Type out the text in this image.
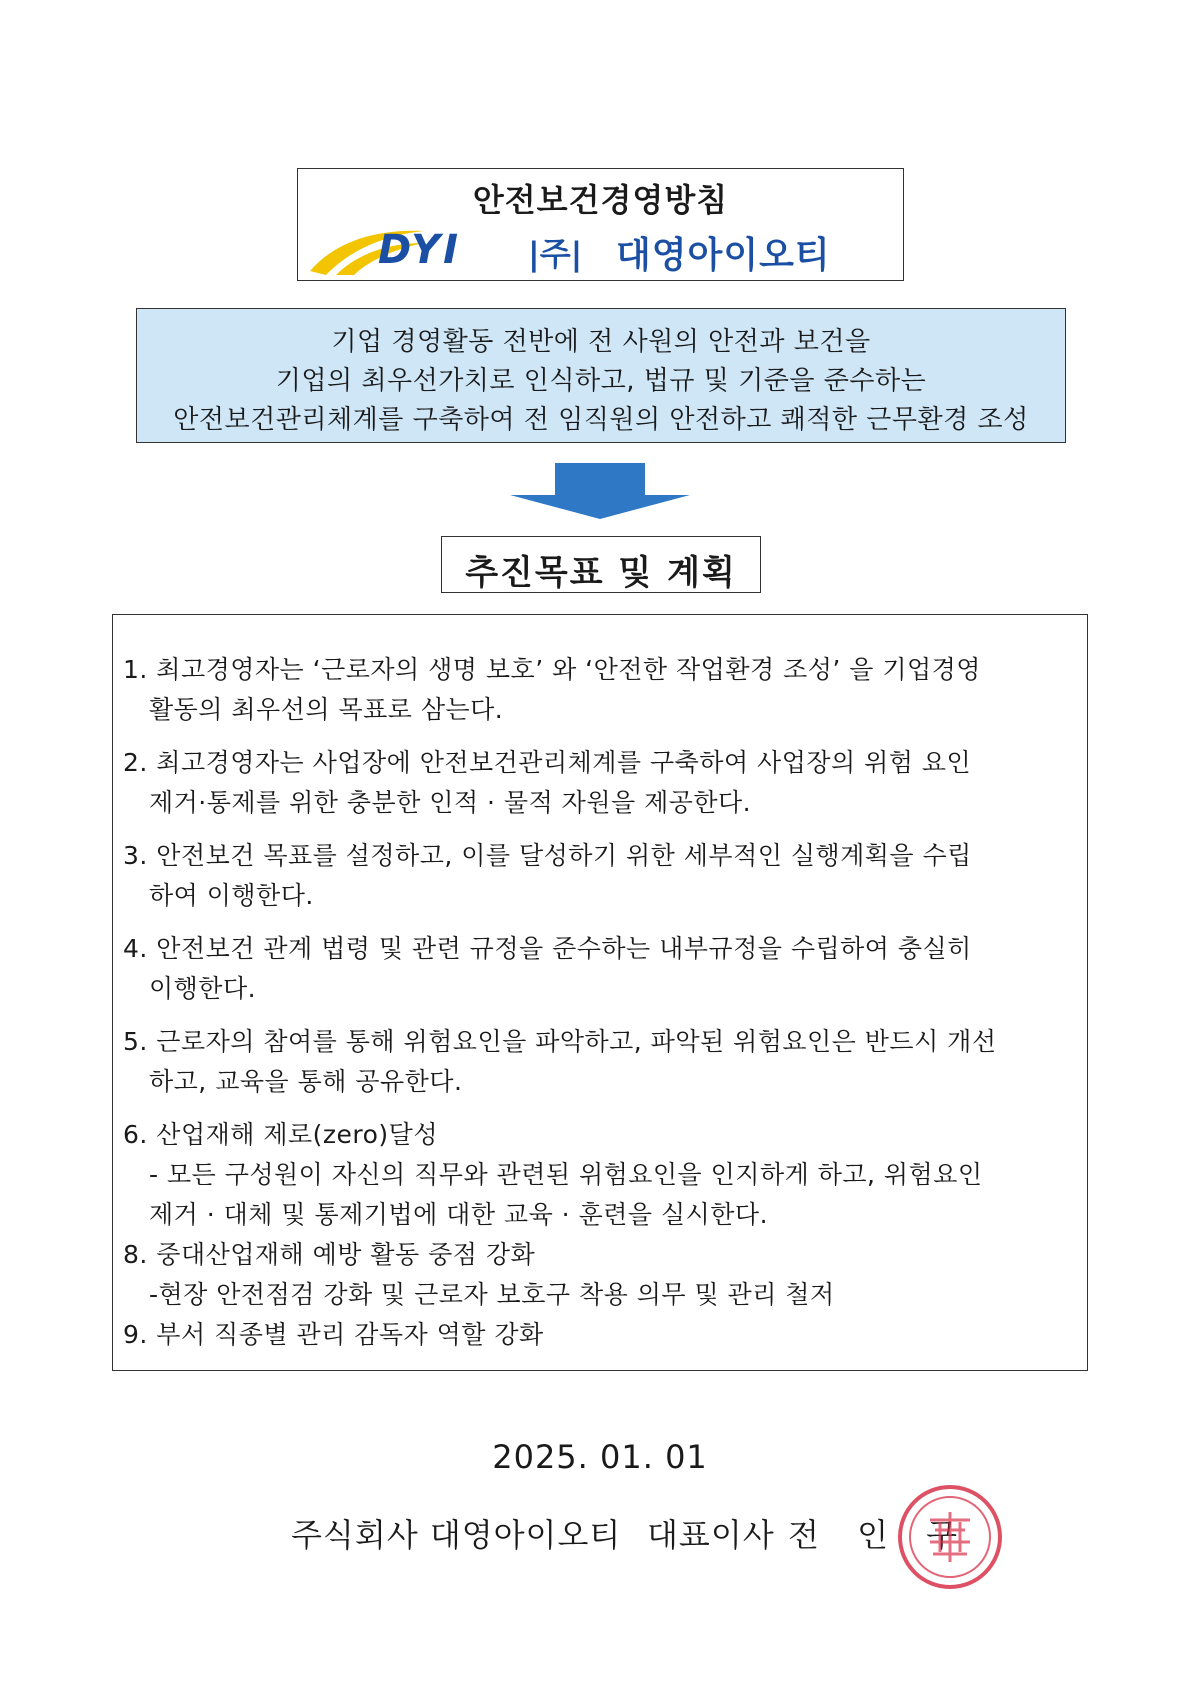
안전보건경영방침
DYI |주| 대영아이오티
기업 경영활동 전반에 전 사원의 안전과 보건을
기업의 최우선가치로 인식하고, 법규 및 기준을 준수하는
안전보건관리체계를 구축하여 전 임직원의 안전하고 쾌적한 근무환경 조성
추진목표 및 계획
1. 최고경영자는 ‘근로자의 생명 보호’ 와 ‘안전한 작업환경 조성’ 을 기업경영
활동의 최우선의 목표로 삼는다.
2. 최고경영자는 사업장에 안전보건관리체계를 구축하여 사업장의 위험 요인
제거·통제를 위한 충분한 인적 · 물적 자원을 제공한다.
3. 안전보건 목표를 설정하고, 이를 달성하기 위한 세부적인 실행계획을 수립
하여 이행한다.
4. 안전보건 관계 법령 및 관련 규정을 준수하는 내부규정을 수립하여 충실히
이행한다.
5. 근로자의 참여를 통해 위험요인을 파악하고, 파악된 위험요인은 반드시 개선
하고, 교육을 통해 공유한다.
6. 산업재해 제로(zero)달성
- 모든 구성원이 자신의 직무와 관련된 위험요인을 인지하게 하고, 위험요인
제거 · 대체 및 통제기법에 대한 교육 · 훈련을 실시한다.
8. 중대산업재해 예방 활동 중점 강화
-현장 안전점검 강화 및 근로자 보호구 착용 의무 및 관리 철저
9. 부서 직종별 관리 감독자 역할 강화
2025. 01. 01
주식회사 대영아이오티 대표이사 전 인 구
